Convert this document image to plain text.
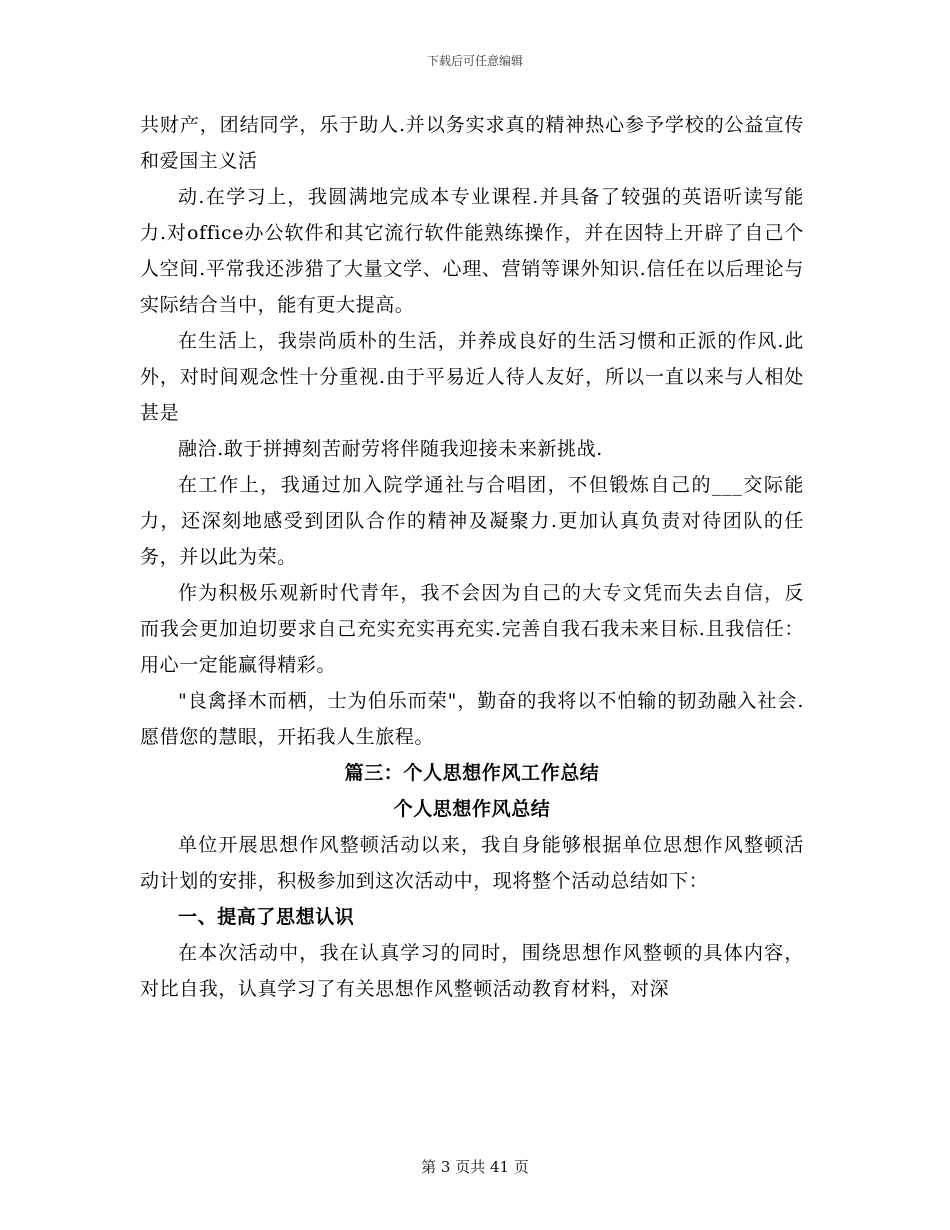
下载后可任意编辑

共财产，团结同学，乐于助人.并以务实求真的精神热心参予学校的公益宣传和爱国主义活

动.在学习上，我圆满地完成本专业课程.并具备了较强的英语听读写能力.对office办公软件和其它流行软件能熟练操作，并在因特上开辟了自己个人空间.平常我还涉猎了大量文学、心理、营销等课外知识.信任在以后理论与实际结合当中，能有更大提高。

在生活上，我崇尚质朴的生活，并养成良好的生活习惯和正派的作风.此外，对时间观念性十分重视.由于平易近人待人友好，所以一直以来与人相处甚是

融洽.敢于拼搏刻苦耐劳将伴随我迎接未来新挑战.

在工作上，我通过加入院学通社与合唱团，不但锻炼自己的___交际能力，还深刻地感受到团队合作的精神及凝聚力.更加认真负责对待团队的任务，并以此为荣。

作为积极乐观新时代青年，我不会因为自己的大专文凭而失去自信，反而我会更加迫切要求自己充实充实再充实.完善自我石我未来目标.且我信任：用心一定能赢得精彩。

"良禽择木而栖，士为伯乐而荣"，勤奋的我将以不怕输的韧劲融入社会.愿借您的慧眼，开拓我人生旅程。

篇三：个人思想作风工作总结

个人思想作风总结

单位开展思想作风整顿活动以来，我自身能够根据单位思想作风整顿活动计划的安排，积极参加到这次活动中，现将整个活动总结如下：

一、提高了思想认识

在本次活动中，我在认真学习的同时，围绕思想作风整顿的具体内容，对比自我，认真学习了有关思想作风整顿活动教育材料，对深

第 3 页共 41 页
